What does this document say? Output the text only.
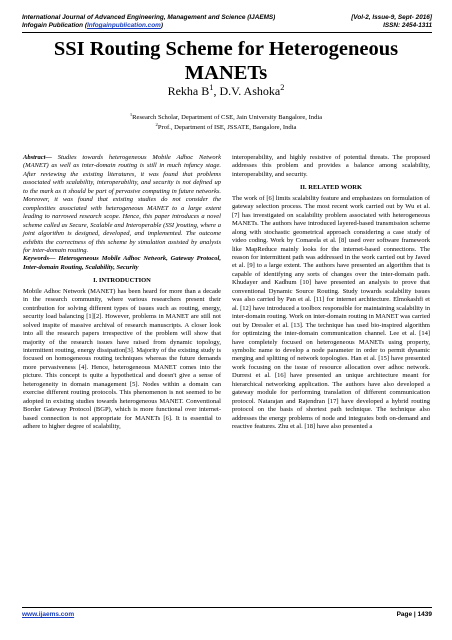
International Journal of Advanced Engineering, Management and Science (IJAEMS)	[Vol-2, Issue-9, Sept- 2016]
Infogain Publication (Infogainpublication.com)	ISSN: 2454-1311
SSI Routing Scheme for Heterogeneous MANETs
Rekha $B^1$, D.V. Ashoka$^2$
$^1$Research Scholar, Department of CSE, Jain University Bangalore, India
$^2$Prof., Department of ISE, JSSATE, Bangalore, India

Abstract— Studies towards heterogeneous Mobile Adhoc Network (MANET) as well as inter-domain routing is still in much infancy stage. After reviewing the existing literatures, it was found that problems associated with scalability, interoperability, and security is not defined up to the mark as it should be part of pervasive computing in future networks. Moreover, it was found that existing studies do not consider the complexities associated with heterogeneous MANET to a large extent leading to narrowed research scope. Hence, this paper introduces a novel scheme called as Secure, Scalable and Interoperable (SSI )routing, where a joint algorithm is designed, developed, and implemented. The outcome exhibits the correctness of this scheme by simulation assisted by analysis for inter-domain routing.

Keywords— Heterogeneous Mobile Adhoc Network, Gateway Protocol, Inter-domain Routing, Scalability, Security

I. INTRODUCTION

Mobile Adhoc Network (MANET) has been heard for more than a decade in the research community, where various researchers present their contribution for solving different types of issues such as routing, energy, security load balancing [1][2]. However, problems in MANET are still not solved inspite of massive archival of research manuscripts. A closer look into all the research papers irrespective of the problem will show that majority of the research issues have raised from dynamic topology, intermittent routing, energy dissipation[3]. Majority of the existing study is focused on homogeneous routing techniques whereas the future demands more pervasiveness [4]. Hence, heterogeneous MANET comes into the picture. This concept is quite a hypothetical and doesn't give a sense of heterogeneity in domain management [5]. Nodes within a domain can exercise different routing protocols. This phenomenon is not seemed to be adopted in existing studies towards heterogeneous MANET. Conventional Border Gateway Protocol (BGP), which is more functional over internet-based connection is not appropriate for MANETs [6]. It is essential to adhere to higher degree of scalability,

interoperability, and highly resistive of potential threats. The proposed addresses this problem and provides a balance among scalability, interoperability, and security.

II. RELATED WORK

The work of [6] limits scalability feature and emphasizes on formulation of gateway selection process. The most recent work carried out by Wu et al. [7] has investigated on scalability problem associated with heterogeneous MANETs. The authors have introduced layered-based transmission scheme along with stochastic geometrical approach considering a case study of video coding. Work by Comarela et al. [8] used over software framework like MapReduce mainly looks for the internet-based connections. The reason for intermittent path was addressed in the work carried out by Javed et al. [9] to a large extent. The authors have presented an algorithm that is capable of identifying any sorts of changes over the inter-domain path. Khudayer and Kadhum [10] have presented an analysis to prove that conventional Dynamic Source Routing. Study towards scalability issues was also carried by Pan et al. [11] for internet architecture. Elmokashfi et al. [12] have introduced a toolbox responsible for maintaining scalability in inter-domain routing. Work on inter-domain routing in MANET was carried out by Dressler et al. [13]. The technique has used bio-inspired algorithm for optimizing the inter-domain communication channel. Lee et al. [14] have completely focused on heterogeneous MANETs using property, symbolic name to develop a node parameter in order to permit dynamic merging and splitting of network topologies. Han et al. [15] have presented work focusing on the issue of resource allocation over adhoc network. Durresi et al. [16] have presented an unique architecture meant for hierarchical networking application. The authors have also developed a gateway module for performing translation of different communication protocol. Natarajan and Rajendran [17] have developed a hybrid routing protocol on the basis of shortest path technique. The technique also addresses the energy problems of node and integrates both on-demand and reactive features. Zhu et al. [18] have also presented a

www.ijaems.com	Page | 1439
